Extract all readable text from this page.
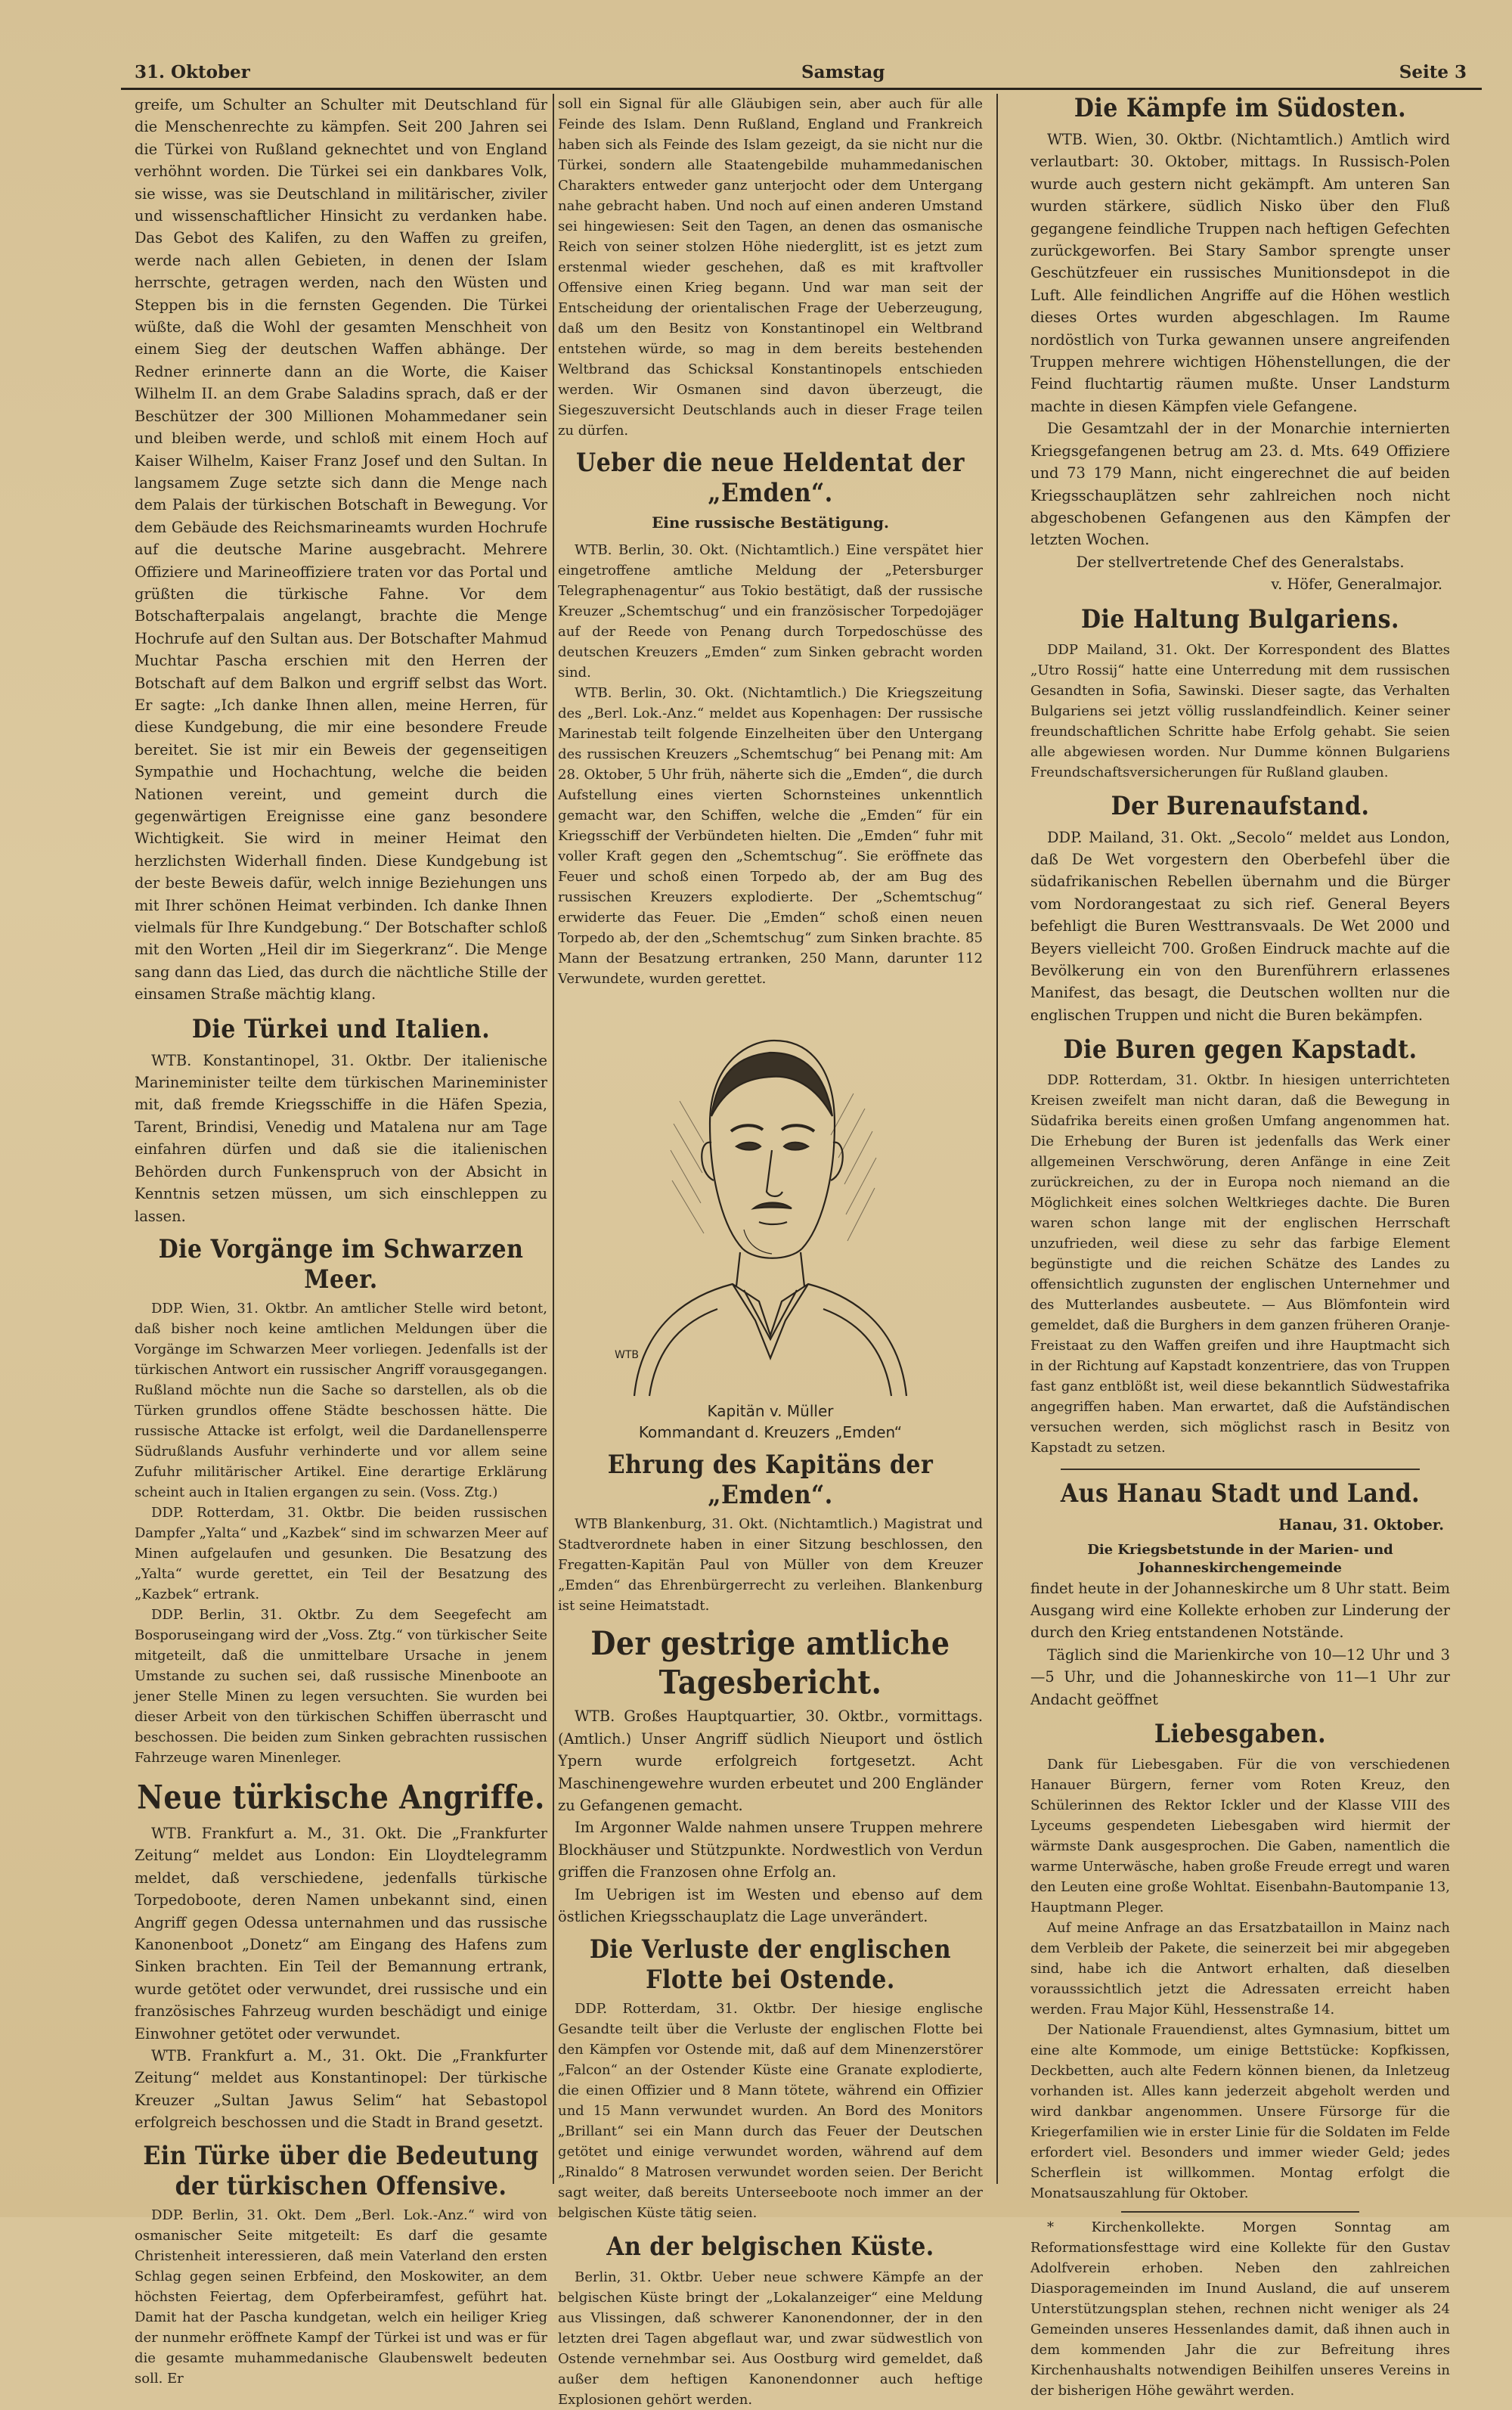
31. Oktober	Samstag	Seite 3

greife, um Schulter an Schulter mit Deutschland für die Menschenrechte zu kämpfen. Seit 200 Jahren sei die Türkei von Rußland geknechtet und von England verhöhnt worden. Die Türkei sei ein dankbares Volk, sie wisse, was sie Deutschland in militärischer, ziviler und wissenschaftlicher Hinsicht zu verdanken habe. Das Gebot des Kalifen, zu den Waffen zu greifen, werde nach allen Gebieten, in denen der Islam herrschte, getragen werden, nach den Wüsten und Steppen bis in die fernsten Gegenden. Die Türkei wüßte, daß die Wohl der gesamten Menschheit von einem Sieg der deutschen Waffen abhänge. Der Redner erinnerte dann an die Worte, die Kaiser Wilhelm II. an dem Grabe Saladins sprach, daß er der Beschützer der 300 Millionen Mohammedaner sein und bleiben werde, und schloß mit einem Hoch auf Kaiser Wilhelm, Kaiser Franz Josef und den Sultan. In langsamem Zuge setzte sich dann die Menge nach dem Palais der türkischen Botschaft in Bewegung. Vor dem Gebäude des Reichsmarineamts wurden Hochrufe auf die deutsche Marine ausgebracht. Mehrere Offiziere und Marineoffiziere traten vor das Portal und grüßten die türkische Fahne. Vor dem Botschafterpalais angelangt, brachte die Menge Hochrufe auf den Sultan aus. Der Botschafter Mahmud Muchtar Pascha erschien mit den Herren der Botschaft auf dem Balkon und ergriff selbst das Wort. Er sagte: „Ich danke Ihnen allen, meine Herren, für diese Kundgebung, die mir eine besondere Freude bereitet. Sie ist mir ein Beweis der gegenseitigen Sympathie und Hochachtung, welche die beiden Nationen vereint, und gemeint durch die gegenwärtigen Ereignisse eine ganz besondere Wichtigkeit. Sie wird in meiner Heimat den herzlichsten Widerhall finden. Diese Kundgebung ist der beste Beweis dafür, welch innige Beziehungen uns mit Ihrer schönen Heimat verbinden. Ich danke Ihnen vielmals für Ihre Kundgebung.“ Der Botschafter schloß mit den Worten „Heil dir im Siegerkranz“. Die Menge sang dann das Lied, das durch die nächtliche Stille der einsamen Straße mächtig klang.

Die Türkei und Italien.

WTB. Konstantinopel, 31. Oktbr. Der italienische Marineminister teilte dem türkischen Marineminister mit, daß fremde Kriegsschiffe in die Häfen Spezia, Tarent, Brindisi, Venedig und Matalena nur am Tage einfahren dürfen und daß sie die italienischen Behörden durch Funkenspruch von der Absicht in Kenntnis setzen müssen, um sich einschleppen zu lassen.

Die Vorgänge im Schwarzen Meer.

DDP. Wien, 31. Oktbr. An amtlicher Stelle wird betont, daß bisher noch keine amtlichen Meldungen über die Vorgänge im Schwarzen Meer vorliegen. Jedenfalls ist der türkischen Antwort ein russischer Angriff vorausgegangen. Rußland möchte nun die Sache so darstellen, als ob die Türken grundlos offene Städte beschossen hätte. Die russische Attacke ist erfolgt, weil die Dardanellensperre Südrußlands Ausfuhr verhinderte und vor allem seine Zufuhr militärischer Artikel. Eine derartige Erklärung scheint auch in Italien ergangen zu sein. (Voss. Ztg.)

DDP. Rotterdam, 31. Oktbr. Die beiden russischen Dampfer „Yalta“ und „Kazbek“ sind im schwarzen Meer auf Minen aufgelaufen und gesunken. Die Besatzung des „Yalta“ wurde gerettet, ein Teil der Besatzung des „Kazbek“ ertrank.

DDP. Berlin, 31. Oktbr. Zu dem Seegefecht am Bosporuseingang wird der „Voss. Ztg.“ von türkischer Seite mitgeteilt, daß die unmittelbare Ursache in jenem Umstande zu suchen sei, daß russische Minenboote an jener Stelle Minen zu legen versuchten. Sie wurden bei dieser Arbeit von den türkischen Schiffen überrascht und beschossen. Die beiden zum Sinken gebrachten russischen Fahrzeuge waren Minenleger.

Neue türkische Angriffe.

WTB. Frankfurt a. M., 31. Okt. Die „Frankfurter Zeitung“ meldet aus London: Ein Lloydtelegramm meldet, daß verschiedene, jedenfalls türkische Torpedoboote, deren Namen unbekannt sind, einen Angriff gegen Odessa unternahmen und das russische Kanonenboot „Donetz“ am Eingang des Hafens zum Sinken brachten. Ein Teil der Bemannung ertrank, wurde getötet oder verwundet, drei russische und ein französisches Fahrzeug wurden beschädigt und einige Einwohner getötet oder verwundet.

WTB. Frankfurt a. M., 31. Okt. Die „Frankfurter Zeitung“ meldet aus Konstantinopel: Der türkische Kreuzer „Sultan Jawus Selim“ hat Sebastopol erfolgreich beschossen und die Stadt in Brand gesetzt.

Ein Türke über die Bedeutung der türkischen Offensive.

DDP. Berlin, 31. Okt. Dem „Berl. Lok.-Anz.“ wird von osmanischer Seite mitgeteilt: Es darf die gesamte Christenheit interessieren, daß mein Vaterland den ersten Schlag gegen seinen Erbfeind, den Moskowiter, an dem höchsten Feiertag, dem Opferbeiramfest, geführt hat. Damit hat der Pascha kundgetan, welch ein heiliger Krieg der nunmehr eröffnete Kampf der Türkei ist und was er für die gesamte muhammedanische Glaubenswelt bedeuten soll. Er

soll ein Signal für alle Gläubigen sein, aber auch für alle Feinde des Islam. Denn Rußland, England und Frankreich haben sich als Feinde des Islam gezeigt, da sie nicht nur die Türkei, sondern alle Staatengebilde muhammedanischen Charakters entweder ganz unterjocht oder dem Untergang nahe gebracht haben. Und noch auf einen anderen Umstand sei hingewiesen: Seit den Tagen, an denen das osmanische Reich von seiner stolzen Höhe niederglitt, ist es jetzt zum erstenmal wieder geschehen, daß es mit kraftvoller Offensive einen Krieg begann. Und war man seit der Entscheidung der orientalischen Frage der Ueberzeugung, daß um den Besitz von Konstantinopel ein Weltbrand entstehen würde, so mag in dem bereits bestehenden Weltbrand das Schicksal Konstantinopels entschieden werden. Wir Osmanen sind davon überzeugt, die Siegeszuversicht Deutschlands auch in dieser Frage teilen zu dürfen.

Ueber die neue Heldentat der „Emden“.
Eine russische Bestätigung.

WTB. Berlin, 30. Okt. (Nichtamtlich.) Eine verspätet hier eingetroffene amtliche Meldung der „Petersburger Telegraphenagentur“ aus Tokio bestätigt, daß der russische Kreuzer „Schemtschug“ und ein französischer Torpedojäger auf der Reede von Penang durch Torpedoschüsse des deutschen Kreuzers „Emden“ zum Sinken gebracht worden sind.

WTB. Berlin, 30. Okt. (Nichtamtlich.) Die Kriegszeitung des „Berl. Lok.-Anz.“ meldet aus Kopenhagen: Der russische Marinestab teilt folgende Einzelheiten über den Untergang des russischen Kreuzers „Schemtschug“ bei Penang mit: Am 28. Oktober, 5 Uhr früh, näherte sich die „Emden“, die durch Aufstellung eines vierten Schornsteines unkenntlich gemacht war, den Schiffen, welche die „Emden“ für ein Kriegsschiff der Verbündeten hielten. Die „Emden“ fuhr mit voller Kraft gegen den „Schemtschug“. Sie eröffnete das Feuer und schoß einen Torpedo ab, der am Bug des russischen Kreuzers explodierte. Der „Schemtschug“ erwiderte das Feuer. Die „Emden“ schoß einen neuen Torpedo ab, der den „Schemtschug“ zum Sinken brachte. 85 Mann der Besatzung ertranken, 250 Mann, darunter 112 Verwundete, wurden gerettet.

WTB
Kapitän v. Müller
Kommandant d. Kreuzers „Emden“
Ehrung des Kapitäns der „Emden“.

WTB Blankenburg, 31. Okt. (Nichtamtlich.) Magistrat und Stadtverordnete haben in einer Sitzung beschlossen, den Fregatten-Kapitän Paul von Müller von dem Kreuzer „Emden“ das Ehrenbürgerrecht zu verleihen. Blankenburg ist seine Heimatstadt.

Der gestrige amtliche Tagesbericht.

WTB. Großes Hauptquartier, 30. Oktbr., vormittags. (Amtlich.) Unser Angriff südlich Nieuport und östlich Ypern wurde erfolgreich fortgesetzt. Acht Maschinengewehre wurden erbeutet und 200 Engländer zu Gefangenen gemacht.

Im Argonner Walde nahmen unsere Truppen mehrere Blockhäuser und Stützpunkte. Nordwestlich von Verdun griffen die Franzosen ohne Erfolg an.

Im Uebrigen ist im Westen und ebenso auf dem östlichen Kriegsschauplatz die Lage unverändert.

Die Verluste der englischen Flotte bei Ostende.

DDP. Rotterdam, 31. Oktbr. Der hiesige englische Gesandte teilt über die Verluste der englischen Flotte bei den Kämpfen vor Ostende mit, daß auf dem Minenzerstörer „Falcon“ an der Ostender Küste eine Granate explodierte, die einen Offizier und 8 Mann tötete, während ein Offizier und 15 Mann verwundet wurden. An Bord des Monitors „Brillant“ sei ein Mann durch das Feuer der Deutschen getötet und einige verwundet worden, während auf dem „Rinaldo“ 8 Matrosen verwundet worden seien. Der Bericht sagt weiter, daß bereits Unterseeboote noch immer an der belgischen Küste tätig seien.

An der belgischen Küste.

Berlin, 31. Oktbr. Ueber neue schwere Kämpfe an der belgischen Küste bringt der „Lokalanzeiger“ eine Meldung aus Vlissingen, daß schwerer Kanonendonner, der in den letzten drei Tagen abgeflaut war, und zwar südwestlich von Ostende vernehmbar sei. Aus Oostburg wird gemeldet, daß außer dem heftigen Kanonendonner auch heftige Explosionen gehört werden.

Die Kämpfe im Südosten.

WTB. Wien, 30. Oktbr. (Nichtamtlich.) Amtlich wird verlautbart: 30. Oktober, mittags. In Russisch-Polen wurde auch gestern nicht gekämpft. Am unteren San wurden stärkere, südlich Nisko über den Fluß gegangene feindliche Truppen nach heftigen Gefechten zurückgeworfen. Bei Stary Sambor sprengte unser Geschützfeuer ein russisches Munitionsdepot in die Luft. Alle feindlichen Angriffe auf die Höhen westlich dieses Ortes wurden abgeschlagen. Im Raume nordöstlich von Turka gewannen unsere angreifenden Truppen mehrere wichtigen Höhenstellungen, die der Feind fluchtartig räumen mußte. Unser Landsturm machte in diesen Kämpfen viele Gefangene.

Die Gesamtzahl der in der Monarchie internierten Kriegsgefangenen betrug am 23. d. Mts. 649 Offiziere und 73 179 Mann, nicht eingerechnet die auf beiden Kriegsschauplätzen sehr zahlreichen noch nicht abgeschobenen Gefangenen aus den Kämpfen der letzten Wochen.

Der stellvertretende Chef des Generalstabs.
v. Höfer, Generalmajor.
Die Haltung Bulgariens.

DDP Mailand, 31. Okt. Der Korrespondent des Blattes „Utro Rossij“ hatte eine Unterredung mit dem russischen Gesandten in Sofia, Sawinski. Dieser sagte, das Verhalten Bulgariens sei jetzt völlig russlandfeindlich. Keiner seiner freundschaftlichen Schritte habe Erfolg gehabt. Sie seien alle abgewiesen worden. Nur Dumme können Bulgariens Freundschaftsversicherungen für Rußland glauben.

Der Burenaufstand.

DDP. Mailand, 31. Okt. „Secolo“ meldet aus London, daß De Wet vorgestern den Oberbefehl über die südafrikanischen Rebellen übernahm und die Bürger vom Nordorangestaat zu sich rief. General Beyers befehligt die Buren Westtransvaals. De Wet 2000 und Beyers vielleicht 700. Großen Eindruck machte auf die Bevölkerung ein von den Burenführern erlassenes Manifest, das besagt, die Deutschen wollten nur die englischen Truppen und nicht die Buren bekämpfen.

Die Buren gegen Kapstadt.

DDP. Rotterdam, 31. Oktbr. In hiesigen unterrichteten Kreisen zweifelt man nicht daran, daß die Bewegung in Südafrika bereits einen großen Umfang angenommen hat. Die Erhebung der Buren ist jedenfalls das Werk einer allgemeinen Verschwörung, deren Anfänge in eine Zeit zurückreichen, zu der in Europa noch niemand an die Möglichkeit eines solchen Weltkrieges dachte. Die Buren waren schon lange mit der englischen Herrschaft unzufrieden, weil diese zu sehr das farbige Element begünstigte und die reichen Schätze des Landes zu offensichtlich zugunsten der englischen Unternehmer und des Mutterlandes ausbeutete. — Aus Blömfontein wird gemeldet, daß die Burghers in dem ganzen früheren Oranje-Freistaat zu den Waffen greifen und ihre Hauptmacht sich in der Richtung auf Kapstadt konzentriere, das von Truppen fast ganz entblößt ist, weil diese bekanntlich Südwestafrika angegriffen haben. Man erwartet, daß die Aufständischen versuchen werden, sich möglichst rasch in Besitz von Kapstadt zu setzen.

Aus Hanau Stadt und Land.
Hanau, 31. Oktober.
Die Kriegsbetstunde in der Marien- und Johanneskirchengemeinde

findet heute in der Johanneskirche um 8 Uhr statt. Beim Ausgang wird eine Kollekte erhoben zur Linderung der durch den Krieg entstandenen Notstände.

Täglich sind die Marienkirche von 10—12 Uhr und 3—5 Uhr, und die Johanneskirche von 11—1 Uhr zur Andacht geöffnet

Liebesgaben.

Dank für Liebesgaben. Für die von verschiedenen Hanauer Bürgern, ferner vom Roten Kreuz, den Schülerinnen des Rektor Ickler und der Klasse VIII des Lyceums gespendeten Liebesgaben wird hiermit der wärmste Dank ausgesprochen. Die Gaben, namentlich die warme Unterwäsche, haben große Freude erregt und waren den Leuten eine große Wohltat. Eisenbahn-Bautompanie 13, Hauptmann Pleger.

Auf meine Anfrage an das Ersatzbataillon in Mainz nach dem Verbleib der Pakete, die seinerzeit bei mir abgegeben sind, habe ich die Antwort erhalten, daß dieselben vorausssichtlich jetzt die Adressaten erreicht haben werden. Frau Major Kühl, Hessenstraße 14.

Der Nationale Frauendienst, altes Gymnasium, bittet um eine alte Kommode, um einige Bettstücke: Kopfkissen, Deckbetten, auch alte Federn können bienen, da Inletzeug vorhanden ist. Alles kann jederzeit abgeholt werden und wird dankbar angenommen. Unsere Fürsorge für die Kriegerfamilien wie in erster Linie für die Soldaten im Felde erfordert viel. Besonders und immer wieder Geld; jedes Scherflein ist willkommen. Montag erfolgt die Monatsauszahlung für Oktober.

* Kirchenkollekte. Morgen Sonntag am Reformationsfesttage wird eine Kollekte für den Gustav Adolfverein erhoben. Neben den zahlreichen Diasporagemeinden im Inund Ausland, die auf unserem Unterstützungsplan stehen, rechnen nicht weniger als 24 Gemeinden unseres Hessenlandes damit, daß ihnen auch in dem kommenden Jahr die zur Befreitung ihres Kirchenhaushalts notwendigen Beihilfen unseres Vereins in der bisherigen Höhe gewährt werden.
